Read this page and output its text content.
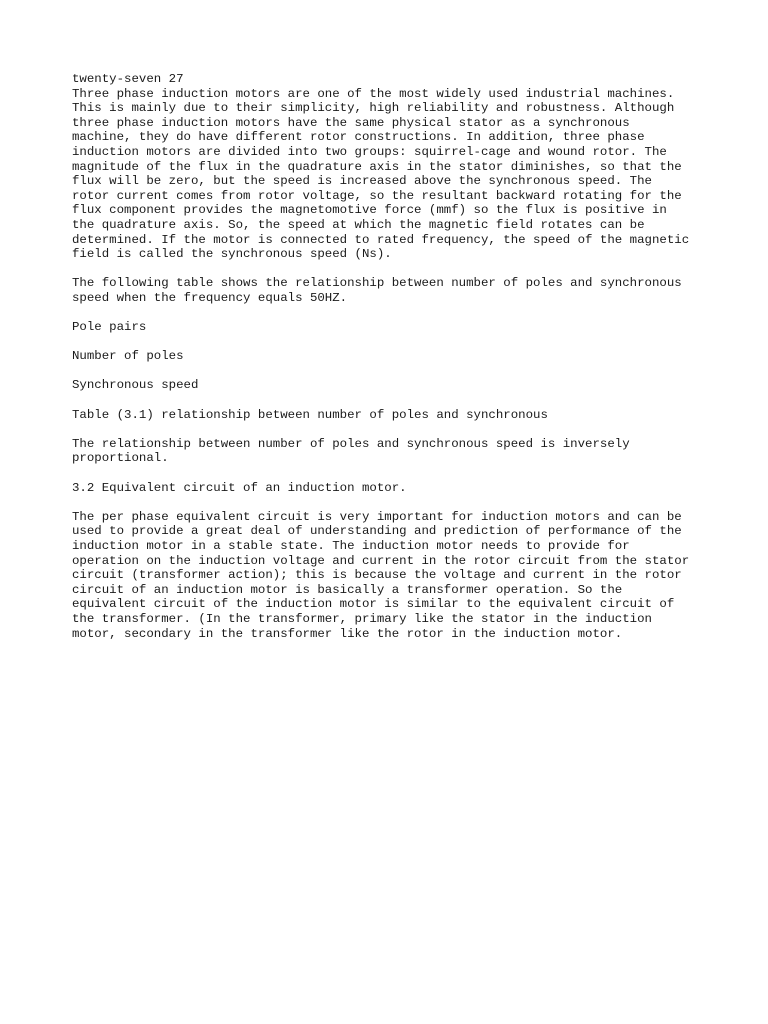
twenty-seven 27

Three phase induction motors are one of the most widely used industrial machines.
This is mainly due to their simplicity, high reliability and robustness. Although
three phase induction motors have the same physical stator as a synchronous
machine, they do have different rotor constructions. In addition, three phase
induction motors are divided into two groups: squirrel-cage and wound rotor. The
magnitude of the flux in the quadrature axis in the stator diminishes, so that the
flux will be zero, but the speed is increased above the synchronous speed. The
rotor current comes from rotor voltage, so the resultant backward rotating for the
flux component provides the magnetomotive force (mmf) so the flux is positive in
the quadrature axis. So, the speed at which the magnetic field rotates can be
determined. If the motor is connected to rated frequency, the speed of the magnetic
field is called the synchronous speed (Ns).

The following table shows the relationship between number of poles and synchronous
speed when the frequency equals 50HZ.

Pole pairs

Number of poles

Synchronous speed

Table (3.1) relationship between number of poles and synchronous

The relationship between number of poles and synchronous speed is inversely
proportional.

3.2 Equivalent circuit of an induction motor.

The per phase equivalent circuit is very important for induction motors and can be
used to provide a great deal of understanding and prediction of performance of the
induction motor in a stable state. The induction motor needs to provide for
operation on the induction voltage and current in the rotor circuit from the stator
circuit (transformer action); this is because the voltage and current in the rotor
circuit of an induction motor is basically a transformer operation. So the
equivalent circuit of the induction motor is similar to the equivalent circuit of
the transformer. (In the transformer, primary like the stator in the induction
motor, secondary in the transformer like the rotor in the induction motor.
